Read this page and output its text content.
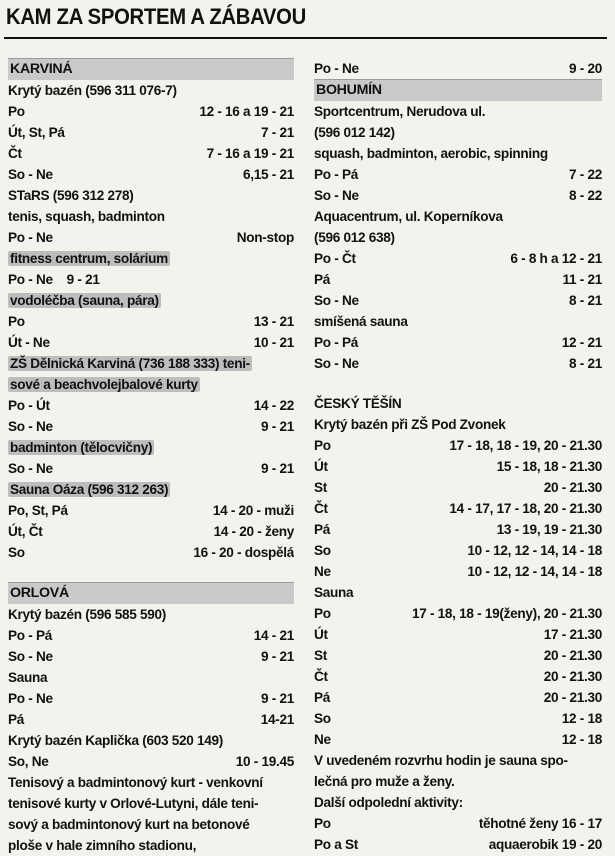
KAM ZA SPORTEM A ZÁBAVOU
KARVINÁ
Krytý bazén (596 311 076-7)
Po	12 - 16 a 19 - 21
Út, St, Pá	7 - 21
Čt	7 - 16 a 19 - 21
So - Ne	6,15 - 21
STaRS (596 312 278)
tenis, squash, badminton
Po - Ne	Non-stop
fitness centrum, solárium
Po - Ne    9 - 21
vodoléčba (sauna, pára)
Po	13 - 21
Út - Ne	10 - 21
ZŠ Dělnická Karviná (736 188 333) teni-
sové a beachvolejbalové kurty
Po - Út	14 - 22
So - Ne	9 - 21
badminton (tělocvičny)
So - Ne	9 - 21
Sauna Oáza (596 312 263)
Po, St, Pá	14 - 20 - muži
Út, Čt	14 - 20 - ženy
So	16 - 20 - dospělá
ORLOVÁ
Krytý bazén (596 585 590)
Po - Pá	14 - 21
So - Ne	9 - 21
Sauna
Po - Ne	9 - 21
Pá	14-21
Krytý bazén Kaplička (603 520 149)
So, Ne	10 - 19.45
Tenisový a badmintonový kurt - venkovní
tenisové kurty v Orlové-Lutyni, dále teni-
sový a badmintonový kurt na betonové
ploše v hale zimního stadionu,
Po - Ne	9 - 20
BOHUMÍN
Sportcentrum, Nerudova ul.
(596 012 142)
squash, badminton, aerobic, spinning
Po - Pá	7 - 22
So - Ne	8 - 22
Aquacentrum, ul. Koperníkova
(596 012 638)
Po - Čt	6 - 8 h a 12 - 21
Pá	11 - 21
So - Ne	8 - 21
smíšená sauna
Po - Pá	12 - 21
So - Ne	8 - 21
ČESKÝ TĚŠÍN
Krytý bazén při ZŠ Pod Zvonek
Po	17 - 18, 18 - 19, 20 - 21.30
Út	15 - 18, 18 - 21.30
St	20 - 21.30
Čt	14 - 17, 17 - 18, 20 - 21.30
Pá	13 - 19, 19 - 21.30
So	10 - 12, 12 - 14, 14 - 18
Ne	10 - 12, 12 - 14, 14 - 18
Sauna
Po	17 - 18, 18 - 19(ženy), 20 - 21.30
Út	17 - 21.30
St	20 - 21.30
Čt	20 - 21.30
Pá	20 - 21.30
So	12 - 18
Ne	12 - 18
V uvedeném rozvrhu hodin je sauna spo-
lečná pro muže a ženy.
Další odpolední aktivity:
Po	těhotné ženy 16 - 17
Po a St	aquaerobik 19 - 20
